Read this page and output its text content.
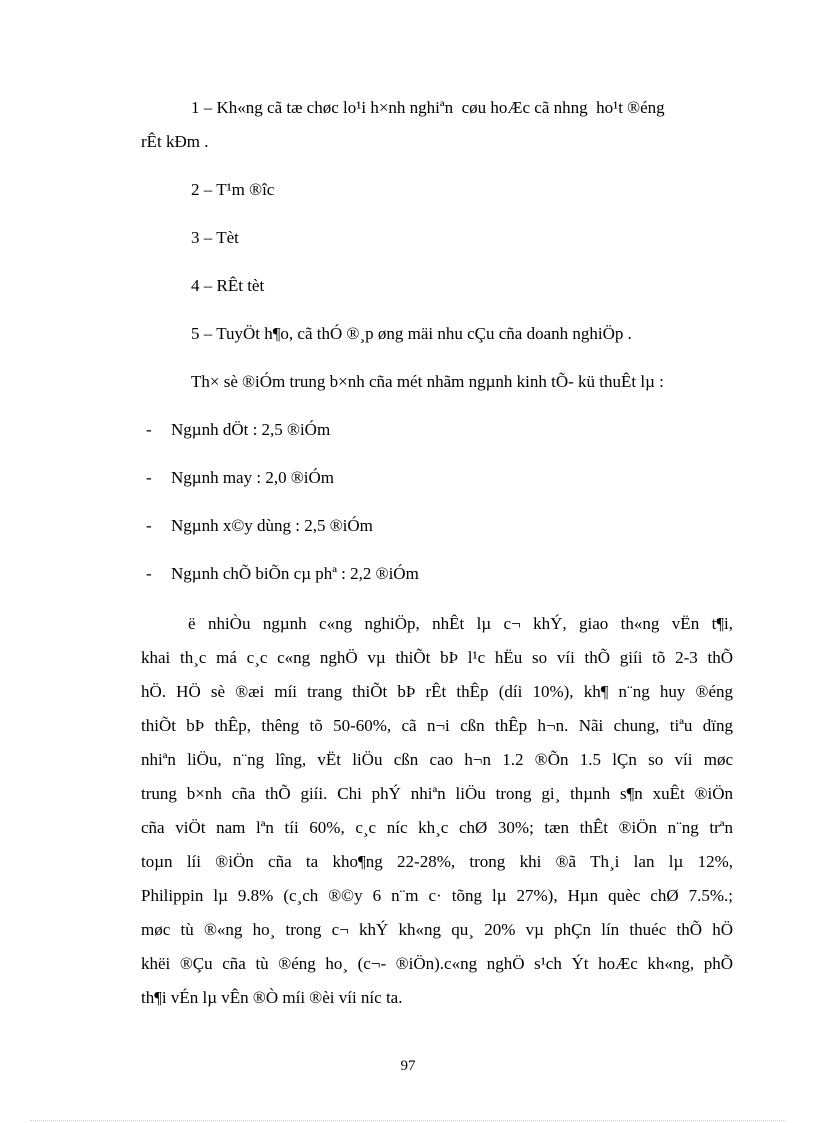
1 – Kh«ng cã tæ chøc lo¹i h×nh nghiªn  cøu hoÆc cã nhng  ho¹t ®éng
rÊt kÐm .
2 – T¹m ®îc
3 – Tèt
4 – RÊt tèt
5 – TuyÖt h¶o, cã thÓ ®¸p øng mäi nhu cÇu cña doanh nghiÖp .
Th× sè ®iÓm trung b×nh cña mét nhãm ngµnh kinh tÕ- kü thuÊt lµ :
- Ngµnh dÖt : 2,5 ®iÓm
- Ngµnh may : 2,0 ®iÓm
- Ngµnh x©y dùng : 2,5 ®iÓm
- Ngµnh chÕ biÕn cµ phª : 2,2 ®iÓm
ë nhiÒu ngµnh c«ng nghiÖp, nhÊt lµ c¬ khÝ, giao th«ng vËn t¶i,
khai th¸c má c¸c c«ng nghÖ vµ thiÕt bÞ l¹c hËu so víi thÕ giíi tõ 2-3 thÕ
hÖ. HÖ sè ®æi míi trang thiÕt bÞ rÊt thÊp (díi 10%), kh¶ n¨ng huy ®éng
thiÕt bÞ thÊp, thêng tõ 50-60%, cã n¬i cßn thÊp h¬n. Nãi chung, tiªu dïng
nhiªn liÖu, n¨ng lîng, vËt liÖu cßn cao h¬n 1.2 ®Õn 1.5 lÇn so víi møc
trung b×nh cña thÕ giíi. Chi phÝ nhiªn liÖu trong gi¸ thµnh s¶n xuÊt ®iÖn
cña viÖt nam lªn tíi 60%, c¸c níc kh¸c chØ 30%; tæn thÊt ®iÖn n¨ng trªn
toµn líi ®iÖn cña ta kho¶ng 22-28%, trong khi ®ã Th¸i lan lµ 12%,
Philippin lµ 9.8% (c¸ch ®©y 6 n¨m c· tõng lµ 27%), Hµn quèc chØ 7.5%.;
møc tù ®«ng ho¸ trong c¬ khÝ kh«ng qu¸ 20% vµ phÇn lín thuéc thÕ hÖ
khëi ®Çu cña tù ®éng ho¸ (c¬- ®iÖn).c«ng nghÖ s¹ch Ýt hoÆc kh«ng, phÕ
th¶i vÉn lµ vÊn ®Ò míi ®èi víi níc ta.
97
